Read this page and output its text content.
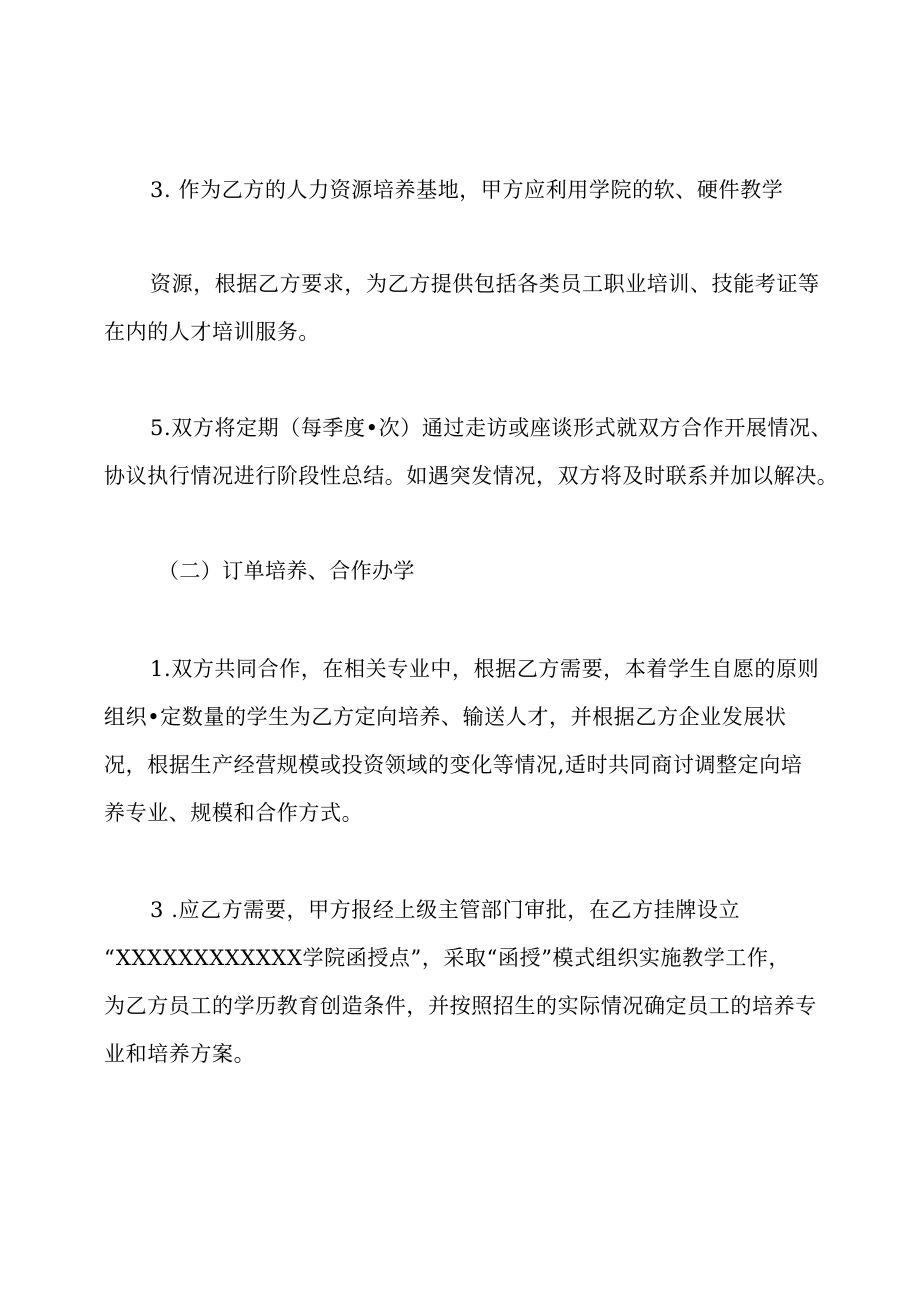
3. 作为乙方的人力资源培养基地，甲方应利用学院的软、硬件教学
资源，根据乙方要求，为乙方提供包括各类员工职业培训、技能考证等
在内的人才培训服务。
5.双方将定期（每季度•次）通过走访或座谈形式就双方合作开展情况、
协议执行情况进行阶段性总结。如遇突发情况，双方将及时联系并加以解决。
（二）订单培养、合作办学
1.双方共同合作，在相关专业中，根据乙方需要，本着学生自愿的原则
组织•定数量的学生为乙方定向培养、输送人才，并根据乙方企业发展状
况，根据生产经营规模或投资领域的变化等情况,适时共同商讨调整定向培
养专业、规模和合作方式。
3 .应乙方需要，甲方报经上级主管部门审批，在乙方挂牌设立
“XXXXXXXXXXXX学院函授点”，采取“函授”模式组织实施教学工作，
为乙方员工的学历教育创造条件，并按照招生的实际情况确定员工的培养专
业和培养方案。
